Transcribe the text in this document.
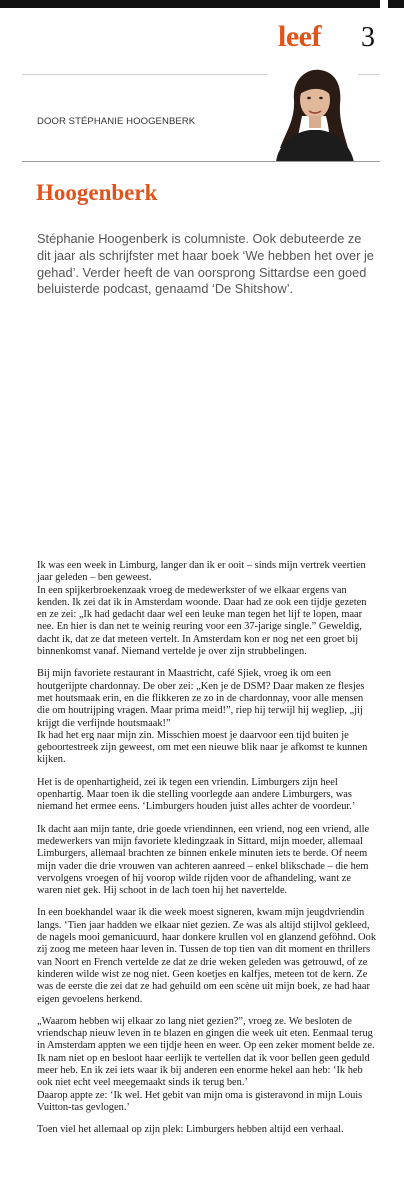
leef 3
DOOR STÉPHANIE HOOGENBERK
Hoogenberk

Stéphanie Hoogenberk is columniste. Ook debuteerde ze dit jaar als schrijfster met haar boek ‘We hebben het over je gehad’. Verder heeft de van oorsprong Sittardse een goed beluisterde podcast, genaamd ‘De Shitshow’.

Ik was een week in Limburg, langer dan ik er ooit – sinds mijn vertrek veertien jaar geleden – ben geweest.

In een spijkerbroekenzaak vroeg de medewerkster of we elkaar ergens van kenden. Ik zei dat ik in Amsterdam woonde. Daar had ze ook een tijdje gezeten en ze zei: „Ik had gedacht daar wel een leuke man tegen het lijf te lopen, maar nee. En hier is dan net te weinig reuring voor een 37-jarige single.” Geweldig, dacht ik, dat ze dat meteen vertelt. In Amsterdam kon er nog net een groet bij binnenkomst vanaf. Niemand vertelde je over zijn strubbelingen.

Bij mijn favoriete restaurant in Maastricht, café Sjiek, vroeg ik om een houtgerijpte chardonnay. De ober zei: „Ken je de DSM? Daar maken ze flesjes met houtsmaak erin, en die flikkeren ze zo in de chardonnay, voor alle mensen die om houtrijping vragen. Maar prima meid!”, riep hij terwijl hij wegliep, „jij krijgt die verfijnde houtsmaak!”

Ik had het erg naar mijn zin. Misschien moest je daarvoor een tijd buiten je geboortestreek zijn geweest, om met een nieuwe blik naar je afkomst te kunnen kijken.

Het is de openhartigheid, zei ik tegen een vriendin. Limburgers zijn heel openhartig. Maar toen ik die stelling voorlegde aan andere Limburgers, was niemand het ermee eens. ‘Limburgers houden juist alles achter de voordeur.’

Ik dacht aan mijn tante, drie goede vriendinnen, een vriend, nog een vriend, alle medewerkers van mijn favoriete kledingzaak in Sittard, mijn moeder, allemaal Limburgers, allemaal brachten ze binnen enkele minuten iets te berde. Of neem mijn vader die drie vrouwen van achteren aanreed – enkel blikschade – die hem vervolgens vroegen of hij voorop wilde rijden voor de afhandeling, want ze waren niet gek. Hij schoot in de lach toen hij het navertelde.

In een boekhandel waar ik die week moest signeren, kwam mijn jeugdvriendin langs. ‘Tien jaar hadden we elkaar niet gezien. Ze was als altijd stijlvol gekleed, de nagels mooi gemanicuurd, haar donkere krullen vol en glanzend geföhnd. Ook zij zoog me meteen haar leven in. Tussen de top tien van dit moment en thrillers van Noort en French vertelde ze dat ze drie weken geleden was getrouwd, of ze kinderen wilde wist ze nog niet. Geen koetjes en kalfjes, meteen tot de kern. Ze was de eerste die zei dat ze had gehuild om een scène uit mijn boek, ze had haar eigen gevoelens herkend.

„Waarom hebben wij elkaar zo lang niet gezien?”, vroeg ze. We besloten de vriendschap nieuw leven in te blazen en gingen die week uit eten. Eenmaal terug in Amsterdam appten we een tijdje heen en weer. Op een zeker moment belde ze. Ik nam niet op en besloot haar eerlijk te vertellen dat ik voor bellen geen geduld meer heb. En ik zei iets waar ik bij anderen een enorme hekel aan heb: ‘Ik heb ook niet echt veel meegemaakt sinds ik terug ben.’

Daarop appte ze: ‘Ik wel. Het gebit van mijn oma is gisteravond in mijn Louis Vuitton-tas gevlogen.’

Toen viel het allemaal op zijn plek: Limburgers hebben altijd een verhaal.
